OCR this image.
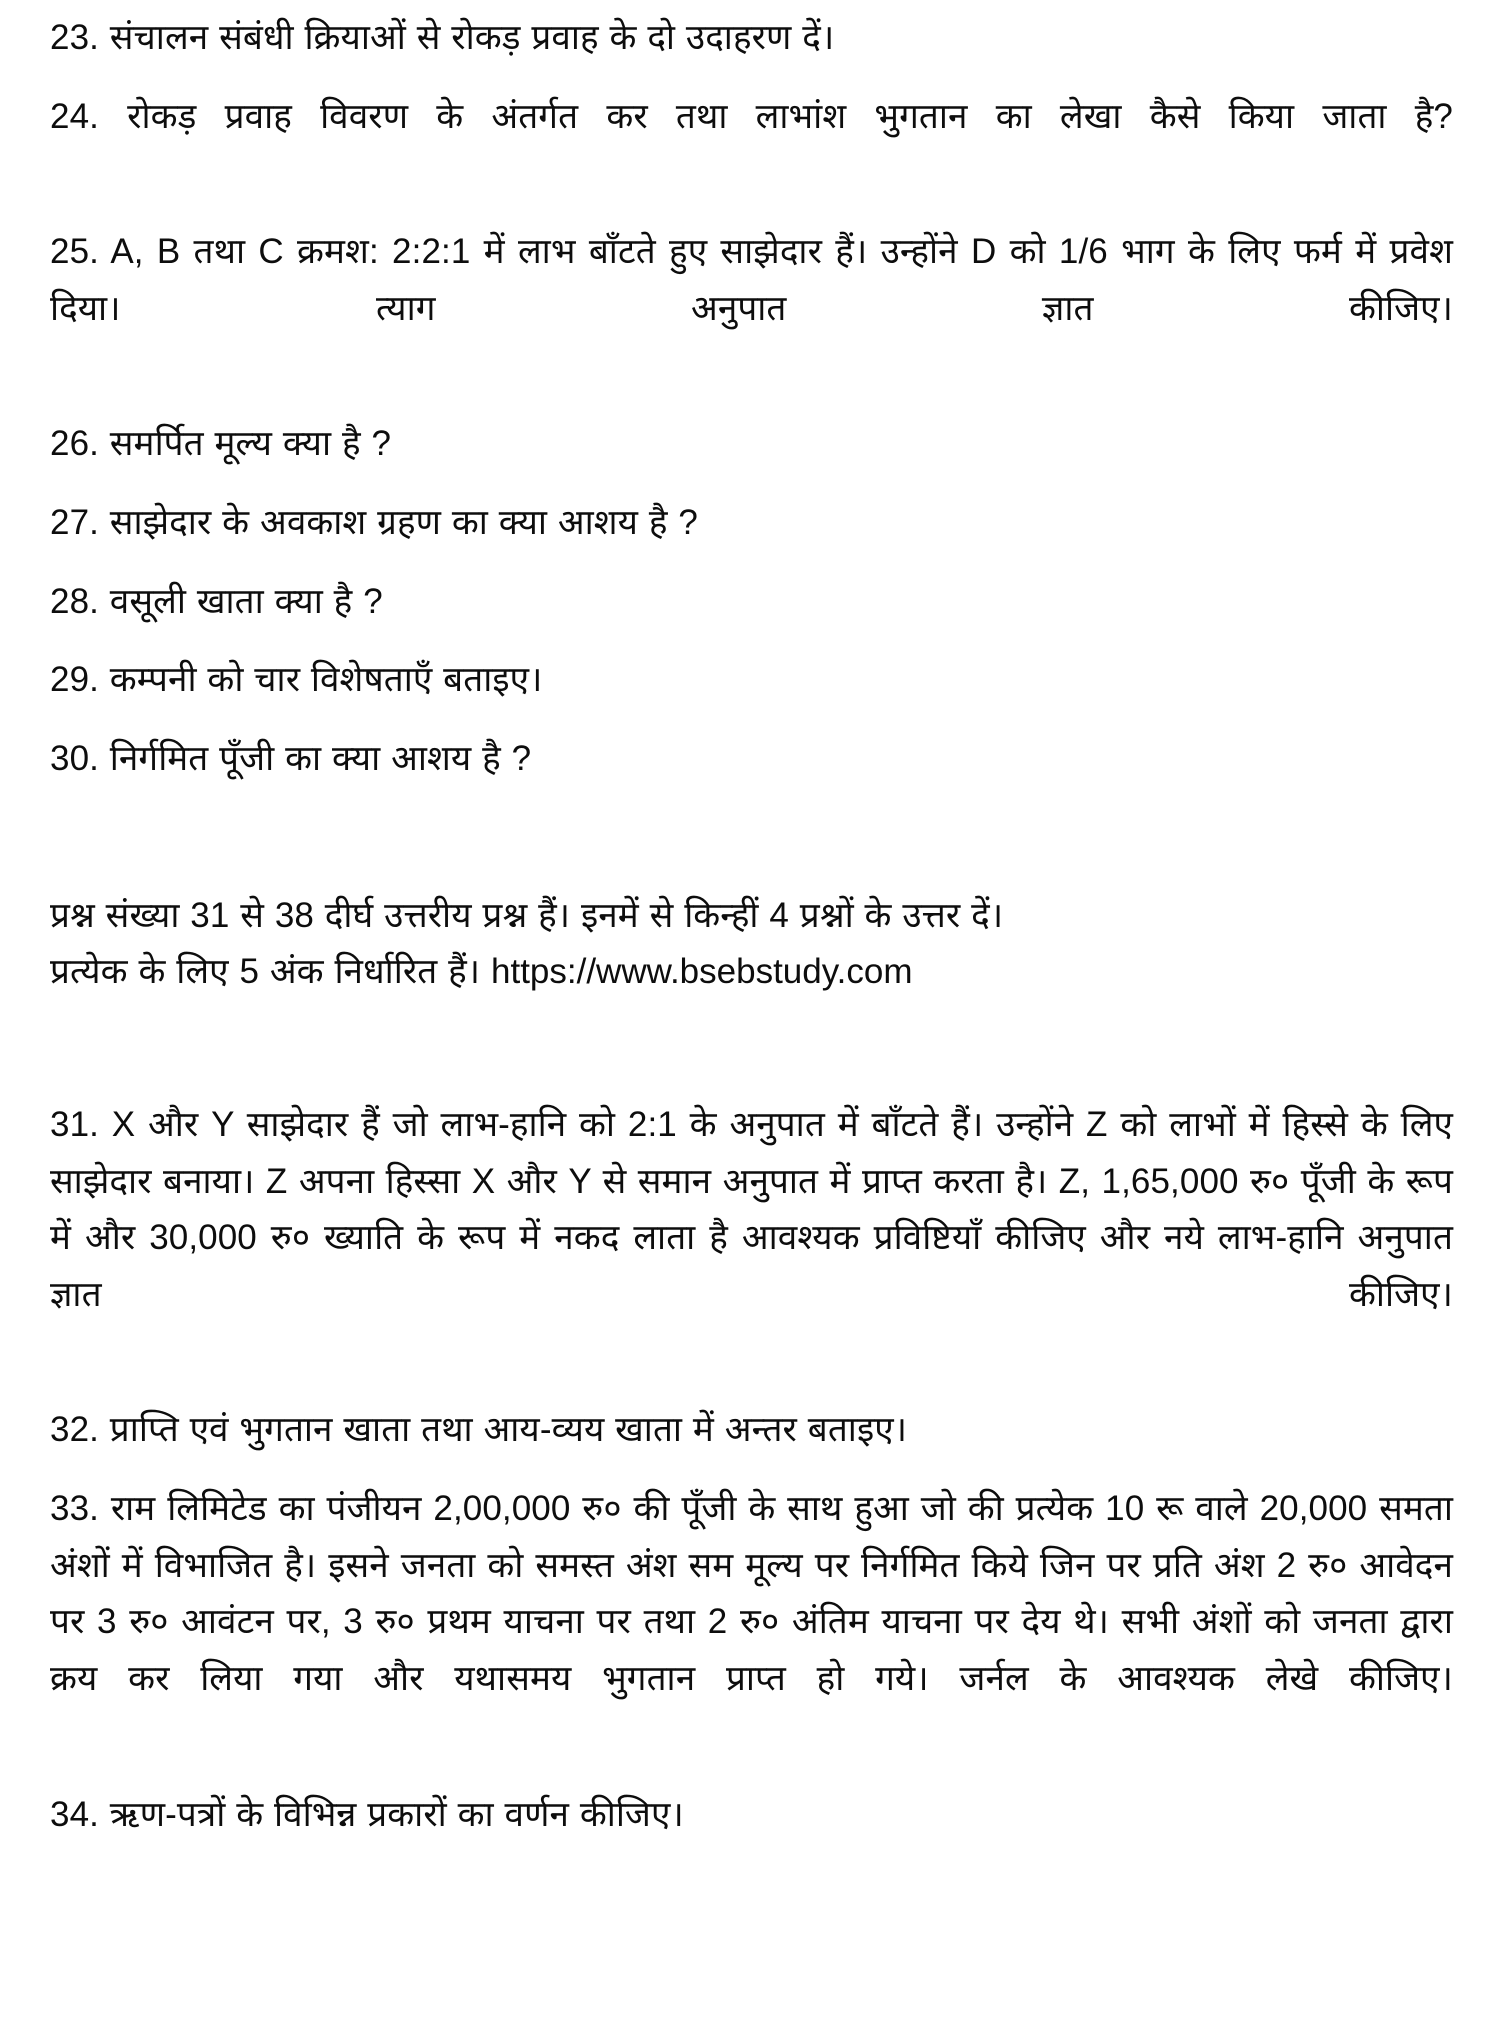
23. संचालन संबंधी क्रियाओं से रोकड़ प्रवाह के दो उदाहरण दें।

24. रोकड़ प्रवाह विवरण के अंतर्गत कर तथा लाभांश भुगतान का लेखा कैसे किया जाता है?

25. A, B तथा C क्रमश: 2:2:1 में लाभ बाँटते हुए साझेदार हैं। उन्होंने D को 1/6 भाग के लिए फर्म में प्रवेश दिया। त्याग अनुपात ज्ञात कीजिए।

26. समर्पित मूल्य क्या है ?

27. साझेदार के अवकाश ग्रहण का क्या आशय है ?

28. वसूली खाता क्या है ?

29. कम्पनी को चार विशेषताएँ बताइए।

30. निर्गमित पूँजी का क्या आशय है ?

प्रश्न संख्या 31 से 38 दीर्घ उत्तरीय प्रश्न हैं। इनमें से किन्हीं 4 प्रश्नों के उत्तर दें।
प्रत्येक के लिए 5 अंक निर्धारित हैं। https://www.bsebstudy.com

31. X और Y साझेदार हैं जो लाभ-हानि को 2:1 के अनुपात में बाँटते हैं। उन्होंने Z को लाभों में हिस्से के लिए साझेदार बनाया। Z अपना हिस्सा X और Y से समान अनुपात में प्राप्त करता है। Z, 1,65,000 रु० पूँजी के रूप में और 30,000 रु० ख्याति के रूप में नकद लाता है आवश्यक प्रविष्टियाँ कीजिए और नये लाभ-हानि अनुपात ज्ञात कीजिए।

32. प्राप्ति एवं भुगतान खाता तथा आय-व्यय खाता में अन्तर बताइए।

33. राम लिमिटेड का पंजीयन 2,00,000 रु० की पूँजी के साथ हुआ जो की प्रत्येक 10 रू वाले 20,000 समता अंशों में विभाजित है। इसने जनता को समस्त अंश सम मूल्य पर निर्गमित किये जिन पर प्रति अंश 2 रु० आवेदन पर 3 रु० आवंटन पर, 3 रु० प्रथम याचना पर तथा 2 रु० अंतिम याचना पर देय थे। सभी अंशों को जनता द्वारा क्रय कर लिया गया और यथासमय भुगतान प्राप्त हो गये। जर्नल के आवश्यक लेखे कीजिए।

34. ऋण-पत्रों के विभिन्न प्रकारों का वर्णन कीजिए।
